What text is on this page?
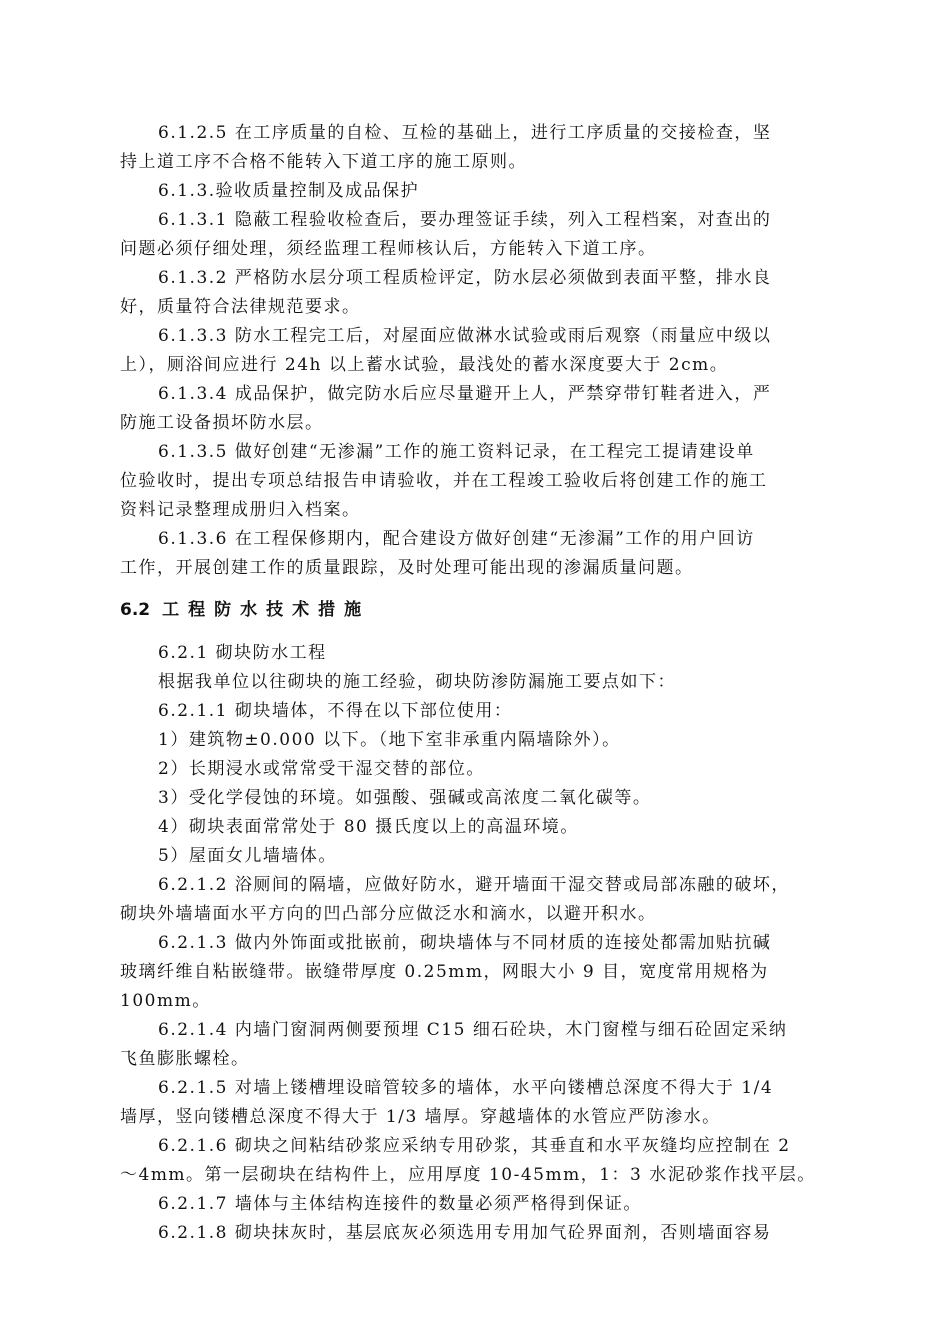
6.1.2.5 在工序质量的自检、互检的基础上，进行工序质量的交接检查，坚
持上道工序不合格不能转入下道工序的施工原则。
6.1.3.验收质量控制及成品保护
6.1.3.1 隐蔽工程验收检查后，要办理签证手续，列入工程档案，对查出的
问题必须仔细处理，须经监理工程师核认后，方能转入下道工序。
6.1.3.2 严格防水层分项工程质检评定，防水层必须做到表面平整，排水良
好，质量符合法律规范要求。
6.1.3.3 防水工程完工后，对屋面应做淋水试验或雨后观察（雨量应中级以
上），厕浴间应进行 24h 以上蓄水试验，最浅处的蓄水深度要大于 2cm。
6.1.3.4 成品保护，做完防水后应尽量避开上人，严禁穿带钉鞋者进入，严
防施工设备损坏防水层。
6.1.3.5 做好创建“无渗漏”工作的施工资料记录，在工程完工提请建设单
位验收时，提出专项总结报告申请验收，并在工程竣工验收后将创建工作的施工
资料记录整理成册归入档案。
6.1.3.6 在工程保修期内，配合建设方做好创建“无渗漏”工作的用户回访
工作，开展创建工作的质量跟踪，及时处理可能出现的渗漏质量问题。
6.2 工程防水技术措施
6.2.1 砌块防水工程
根据我单位以往砌块的施工经验，砌块防渗防漏施工要点如下：
6.2.1.1 砌块墙体，不得在以下部位使用：
1）建筑物±0.000 以下。（地下室非承重内隔墙除外）。
2）长期浸水或常常受干湿交替的部位。
3）受化学侵蚀的环境。如强酸、强碱或高浓度二氧化碳等。
4）砌块表面常常处于 80 摄氏度以上的高温环境。
5）屋面女儿墙墙体。
6.2.1.2 浴厕间的隔墙，应做好防水，避开墙面干湿交替或局部冻融的破坏，
砌块外墙墙面水平方向的凹凸部分应做泛水和滴水，以避开积水。
6.2.1.3 做内外饰面或批嵌前，砌块墙体与不同材质的连接处都需加贴抗碱
玻璃纤维自粘嵌缝带。嵌缝带厚度 0.25mm，网眼大小 9 目，宽度常用规格为
100mm。
6.2.1.4 内墙门窗洞两侧要预埋 C15 细石砼块，木门窗樘与细石砼固定采纳
飞鱼膨胀螺栓。
6.2.1.5 对墙上镂槽埋设暗管较多的墙体，水平向镂槽总深度不得大于 1/4
墙厚，竖向镂槽总深度不得大于 1/3 墙厚。穿越墙体的水管应严防渗水。
6.2.1.6 砌块之间粘结砂浆应采纳专用砂浆，其垂直和水平灰缝均应控制在 2
～4mm。第一层砌块在结构件上，应用厚度 10-45mm，1：3 水泥砂浆作找平层。
6.2.1.7 墙体与主体结构连接件的数量必须严格得到保证。
6.2.1.8 砌块抹灰时，基层底灰必须选用专用加气砼界面剂，否则墙面容易
